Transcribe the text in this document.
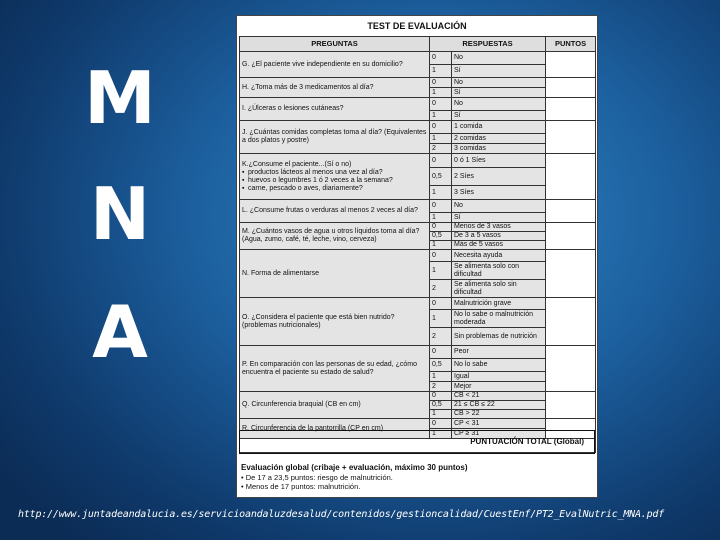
M
N
A
TEST DE EVALUACIÓN
PREGUNTAS	RESPUESTAS		PUNTOS
G. ¿El paciente vive independiente en su domicilio?	0	No	
	1	Sí	
H. ¿Toma más de 3 medicamentos al día?	0	No	
	1	Sí	
I. ¿Úlceras o lesiones cutáneas?	0	No	
	1	Sí	
J. ¿Cuántas comidas completas toma al día? (Equivalentes a dos platos y postre)	0	1 comida	
	1	2 comidas	
	2	3 comidas	
K.¿Consume el paciente...(Sí o no)
▪ productos lácteos al menos una vez al día?
▪ huevos o legumbres 1 ó 2 veces a la semana?
▪ carne, pescado o aves, diariamente?	0	0 ó 1 Síes	
	0,5	2 Síes	
	1	3 Síes	
L. ¿Consume frutas o verduras al menos 2 veces al día?	0	No	
	1	Sí	
M. ¿Cuántos vasos de agua u otros líquidos toma al día? (Agua, zumo, café, té, leche, vino, cerveza)	0	Menos de 3 vasos	
	0,5	De 3 a 5 vasos	
	1	Más de 5 vasos	
N. Forma de alimentarse	0	Necesita ayuda	
	1	Se alimenta solo con dificultad	
	2	Se alimenta solo sin dificultad	
O. ¿Considera el paciente que está bien nutrido? (problemas nutricionales)	0	Malnutrición grave	
	1	No lo sabe o malnutrición moderada	
	2	Sin problemas de nutrición	
P. En comparación con las personas de su edad, ¿cómo encuentra el paciente su estado de salud?	0	Peor	
	0,5	No lo sabe	
	1	Igual	
	2	Mejor	
Q. Circunferencia braquial (CB en cm)	0	CB < 21	
	0,5	21 ≤ CB ≤ 22	
	1	CB > 22	
R. Circunferencia de la pantorrilla (CP en cm)	0	CP < 31	
	1	CP ≥ 31	

PUNTUACIÓN TOTAL (Global)
Evaluación global (cribaje + evaluación, máximo 30 puntos)
• De 17 a 23,5 puntos: riesgo de malnutrición.
• Menos de 17 puntos: malnutrición.
http://www.juntadeandalucia.es/servicioandaluzdesalud/contenidos/gestioncalidad/CuestEnf/PT2_EvalNutric_MNA.pdf
